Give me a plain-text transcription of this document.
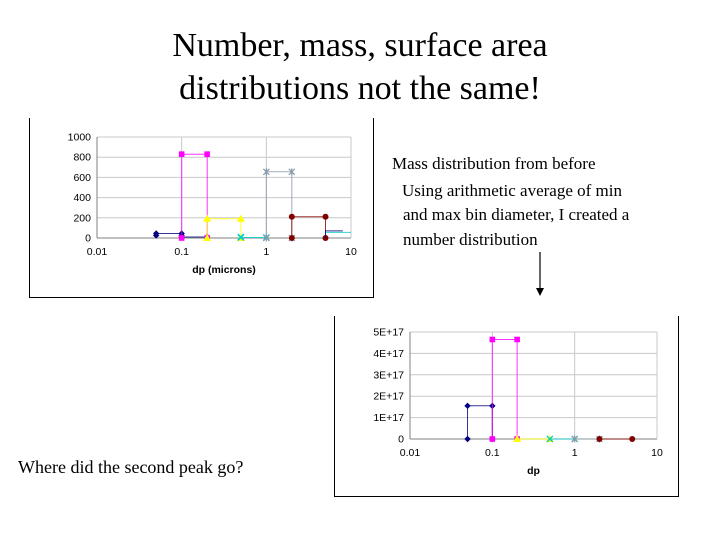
Number, mass, surface area
distributions not the same!
0
200
400
600
800
1000
0.01	0.1	1	10
dp (microns)
Mass distribution from before
Using arithmetic average of min
and max bin diameter, I created a
number distribution
0
1E+17
2E+17
3E+17
4E+17
5E+17
0.01	0.1	1	10
dp
Where did the second peak go?
